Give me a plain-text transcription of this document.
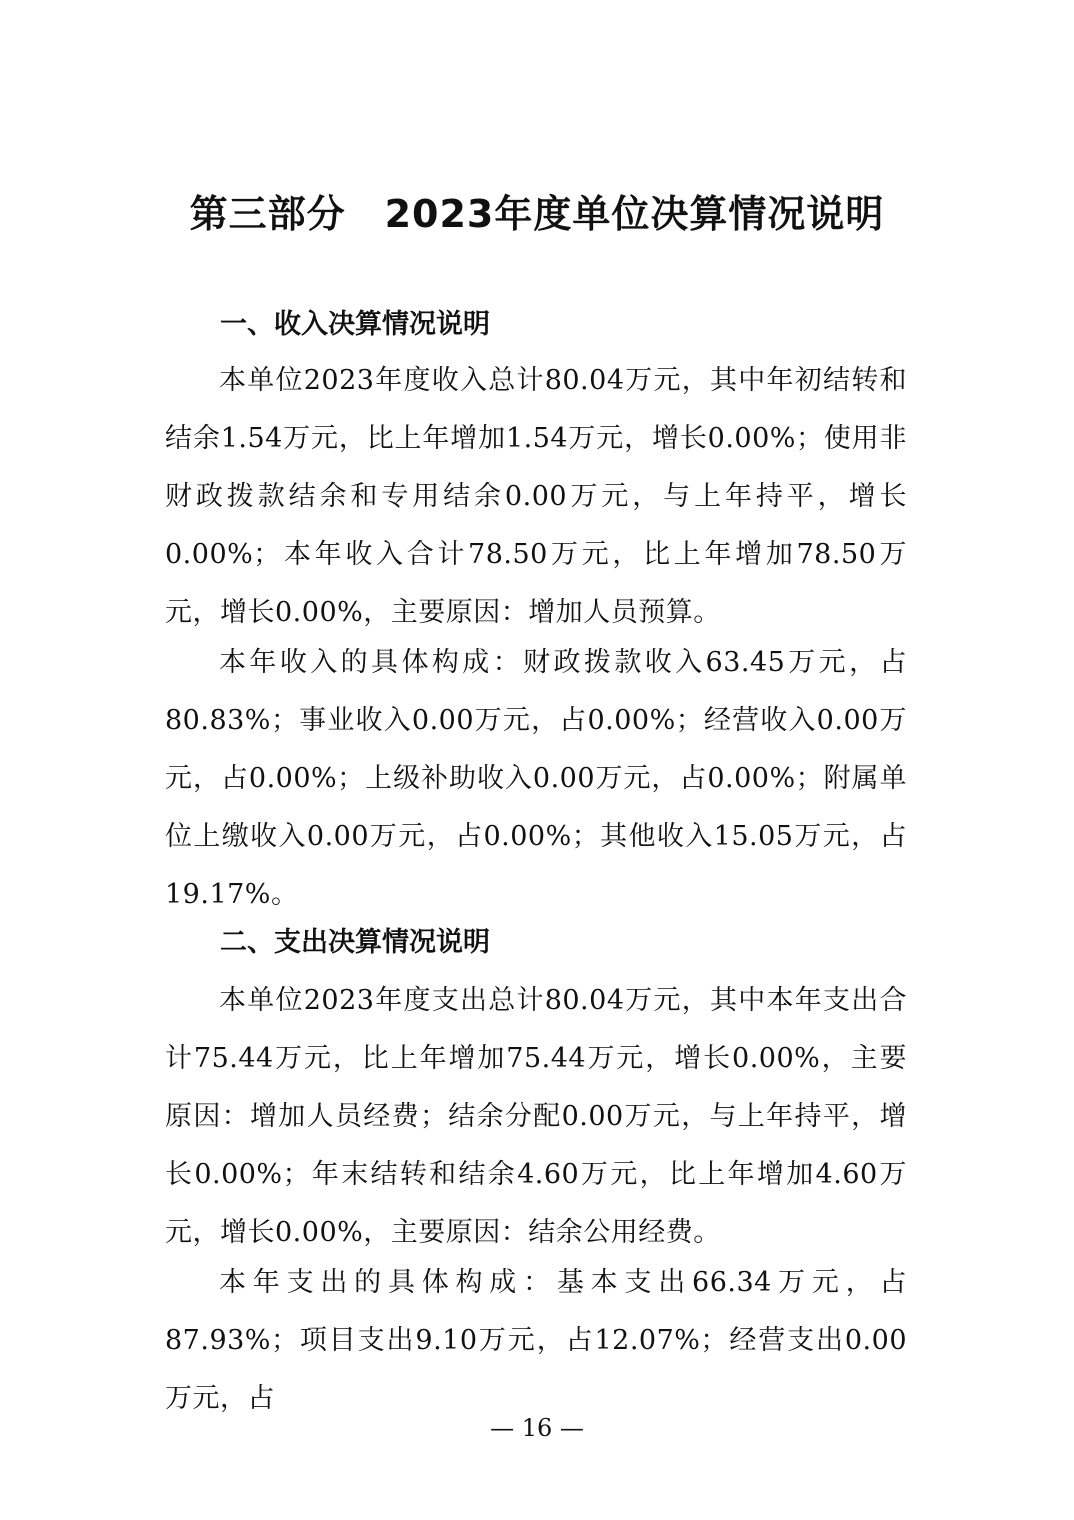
第三部分　2023年度单位决算情况说明
一、收入决算情况说明

本单位2023年度收入总计80.04万元，其中年初结转和结余1.54万元，比上年增加1.54万元，增长0.00%；使用非财政拨款结余和专用结余0.00万元，与上年持平，增长0.00%；本年收入合计78.50万元，比上年增加78.50万元，增长0.00%，主要原因：增加人员预算。

本年收入的具体构成：财政拨款收入63.45万元，占80.83%；事业收入0.00万元，占0.00%；经营收入0.00万元，占0.00%；上级补助收入0.00万元，占0.00%；附属单位上缴收入0.00万元，占0.00%；其他收入15.05万元，占19.17%。

二、支出决算情况说明

本单位2023年度支出总计80.04万元，其中本年支出合计75.44万元，比上年增加75.44万元，增长0.00%，主要原因：增加人员经费；结余分配0.00万元，与上年持平，增长0.00%；年末结转和结余4.60万元，比上年增加4.60万元，增长0.00%，主要原因：结余公用经费。

本年支出的具体构成：基本支出66.34万元，占87.93%；项目支出9.10万元，占12.07%；经营支出0.00万元，占

— 16 —
